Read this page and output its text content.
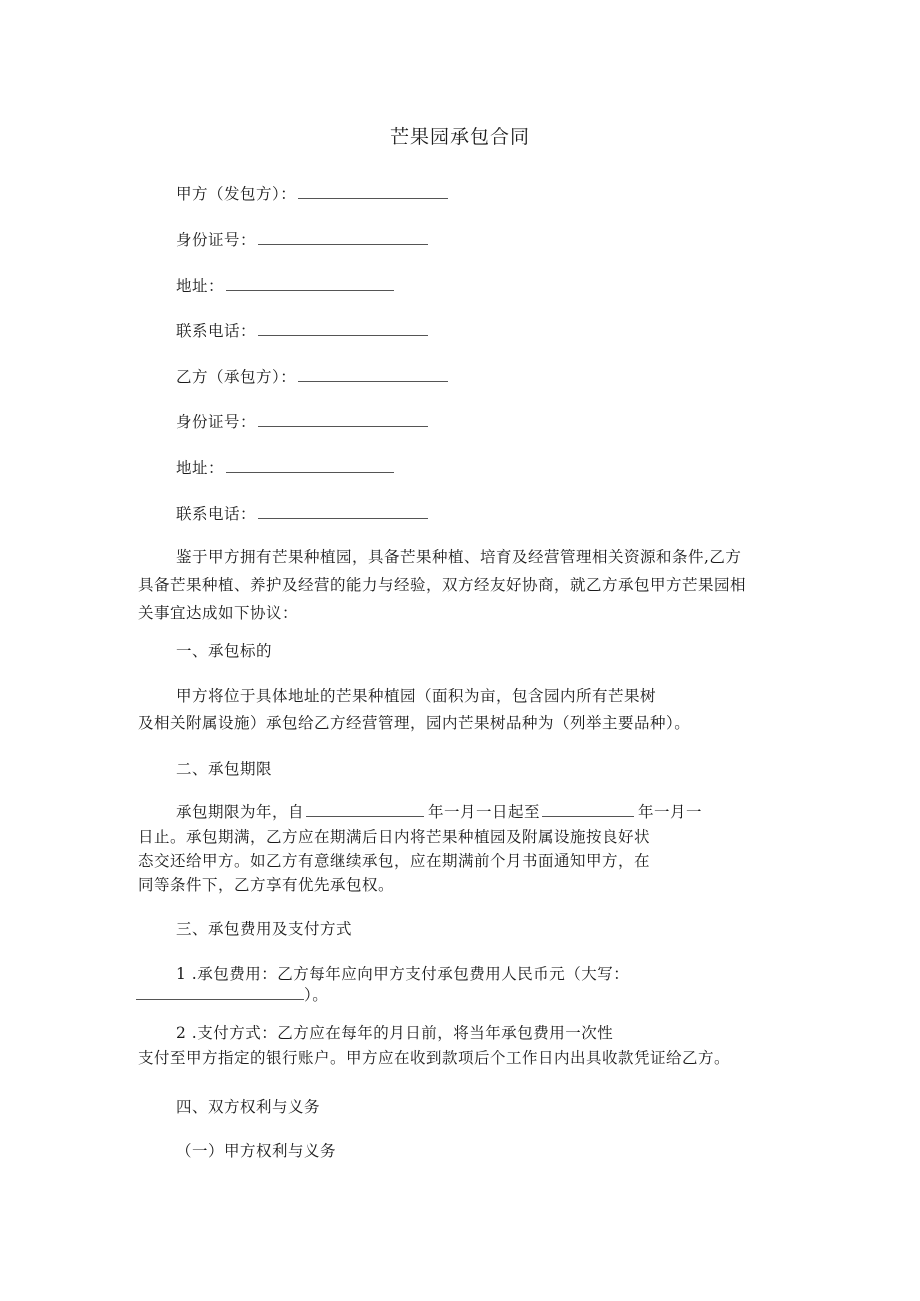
芒果园承包合同
甲方（发包方）：
身份证号：
地址：
联系电话：
乙方（承包方）：
身份证号：
地址：
联系电话：
鉴于甲方拥有芒果种植园，具备芒果种植、培育及经营管理相关资源和条件,乙方
具备芒果种植、养护及经营的能力与经验，双方经友好协商，就乙方承包甲方芒果园相
关事宜达成如下协议：
一、承包标的
甲方将位于具体地址的芒果种植园（面积为亩，包含园内所有芒果树
及相关附属设施）承包给乙方经营管理，园内芒果树品种为（列举主要品种）。
二、承包期限
承包期限为年，自	年一月一日起至	年一月一
日止。承包期满，乙方应在期满后日内将芒果种植园及附属设施按良好状
态交还给甲方。如乙方有意继续承包，应在期满前个月书面通知甲方，在
同等条件下，乙方享有优先承包权。
三、承包费用及支付方式
1 .承包费用：乙方每年应向甲方支付承包费用人民币元（大写：
）。
2 .支付方式：乙方应在每年的月日前，将当年承包费用一次性
支付至甲方指定的银行账户。甲方应在收到款项后个工作日内出具收款凭证给乙方。
四、双方权利与义务
（一）甲方权利与义务
